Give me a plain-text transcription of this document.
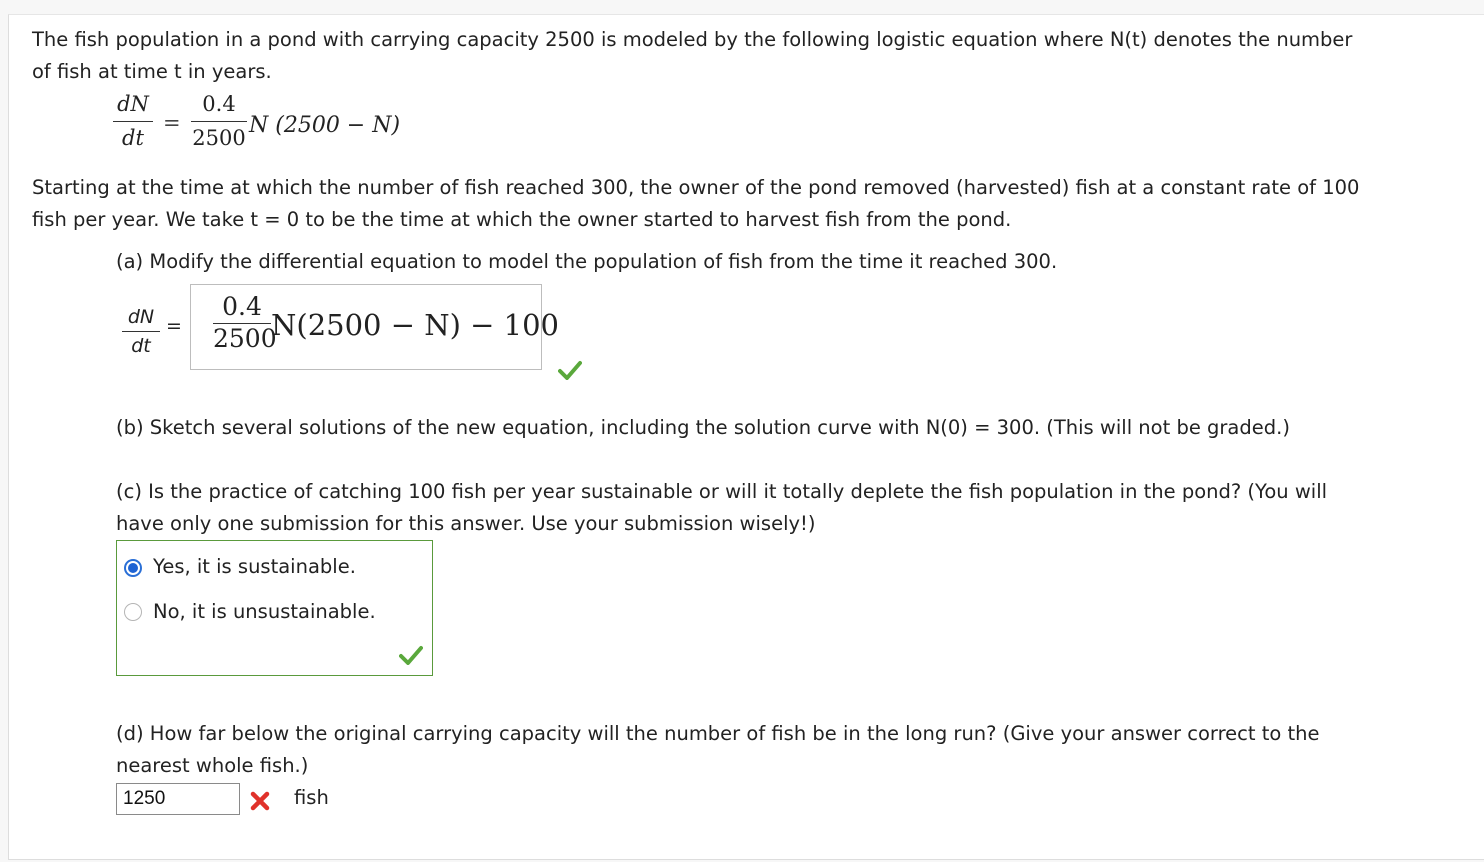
The fish population in a pond with carrying capacity 2500 is modeled by the following logistic equation where N(t) denotes the number
of fish at time t in years.
dN
dt
=
0.4
2500 N (2500 − N)
Starting at the time at which the number of fish reached 300, the owner of the pond removed (harvested) fish at a constant rate of 100
fish per year. We take t = 0 to be the time at which the owner started to harvest fish from the pond.
(a) Modify the differential equation to model the population of fish from the time it reached 300.
dN
dt
=
0.4
2500
N(2500 − N) − 100
(b) Sketch several solutions of the new equation, including the solution curve with N(0) = 300. (This will not be graded.)
(c) Is the practice of catching 100 fish per year sustainable or will it totally deplete the fish population in the pond? (You will
have only one submission for this answer. Use your submission wisely!)
Yes, it is sustainable.
No, it is unsustainable.
(d) How far below the original carrying capacity will the number of fish be in the long run? (Give your answer correct to the
nearest whole fish.)
1250	fish
